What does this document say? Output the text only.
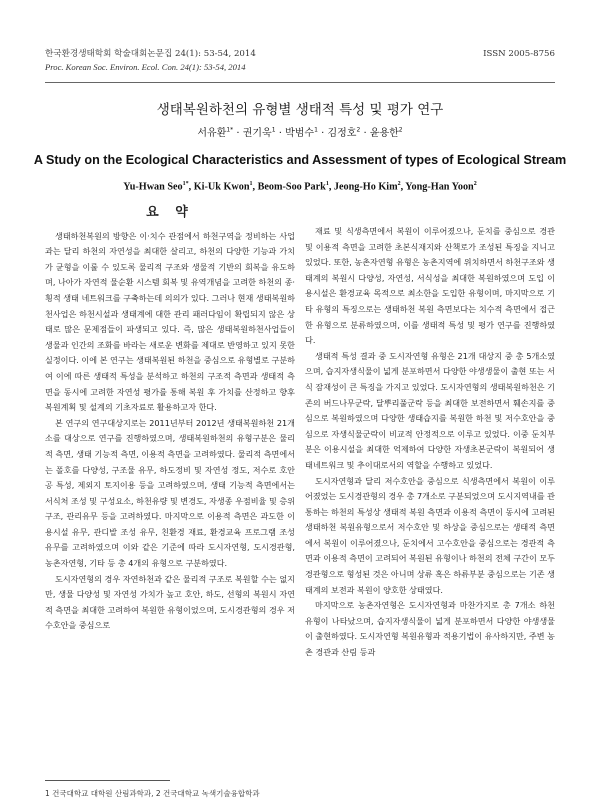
한국환경생태학회 학술대회논문집 24(1): 53-54, 2014	ISSN 2005-8756
Proc. Korean Soc. Environ. Ecol. Con. 24(1): 53-54, 2014
생태복원하천의 유형별 생태적 특성 및 평가 연구
서유환$^{1*}$ · 권기욱$^1$ · 박범수$^1$ · 김정호$^2$ · 윤용한$^2$
A Study on the Ecological Characteristics and Assessment of types of Ecological Stream
Yu-Hwan Seo$^{1*}$, Ki-Uk Kwon$^1$, Beom-Soo Park$^1$, Jeong-Ho Kim$^2$, Yong-Han Yoon$^2$
요 약

생태하천복원의 방향은 이·치수 관점에서 하천구역을 정비하는 사업과는 달리 하천의 자연성을 최대한 살리고, 하천의 다양한 기능과 가치가 균형을 이룰 수 있도록 물리적 구조와 생물적 기반의 회복을 유도하며, 나아가 자연적 물순환 시스템 회복 및 유역개념을 고려한 하천의 종·횡적 생태 네트워크를 구축하는데 의의가 있다. 그러나 현재 생태복원하천사업은 하천시설과 생태계에 대한 관리 패러다임이 확립되지 않은 상태로 많은 문제점들이 파생되고 있다. 즉, 많은 생태복원하천사업들이 생물과 인간의 조화를 바라는 새로운 변화를 제대로 반영하고 있지 못한 실정이다. 이에 본 연구는 생태복원된 하천을 중심으로 유형별로 구분하여 이에 따른 생태적 특성을 분석하고 하천의 구조적 측면과 생태적 측면을 동시에 고려한 자연성 평가를 통해 복원 후 가치를 산정하고 향후 복원계획 및 설계의 기초자료로 활용하고자 한다.

본 연구의 연구대상지로는 2011년부터 2012년 생태복원하천 21개소를 대상으로 연구를 진행하였으며, 생태복원하천의 유형구분은 물리적 측면, 생태 기능적 측면, 이용적 측면을 고려하였다. 물리적 측면에서는 폴호를 다양성, 구조물 유무, 하도정비 및 자연성 정도, 저수로 호안공 특성, 제외지 토지이용 등을 고려하였으며, 생태 기능적 측면에서는 서식처 조성 및 구성요소, 하천유량 및 변경도, 자생종 우점비율 및 층위구조, 관리유무 등을 고려하였다. 마지막으로 이용적 측면은 과도한 이용시설 유무, 관디발 조성 유무, 친환경 재료, 환경교육 프로그램 조성 유무를 고려하였으며 이와 같은 기준에 따라 도시자연형, 도시경관형, 농촌자연형, 기타 등 총 4개의 유형으로 구분하였다.

도시자연형의 경우 자연하천과 같은 물리적 구조로 복원할 수는 없지만, 생물 다양성 및 자연성 가치가 높고 호안, 하도, 선형의 복원시 자연적 측면을 최대한 고려하여 복원한 유형이었으며, 도시경관형의 경우 저수호안을 중심으로

재료 및 식생측면에서 복원이 이루어졌으나, 둔치를 중심으로 경관 및 이용적 측면을 고려한 초본식재지와 산책로가 조성된 특징을 지니고 있었다. 또한, 농촌자연형 유형은 농촌지역에 위치하면서 하천구조와 생태계의 복원시 다양성, 자연성, 서식성을 최대한 복원하였으며 도입 이용시설은 환경교육 목적으로 최소한을 도입한 유형이며, 마지막으로 기타 유형의 특징으로는 생태하천 복원 측면보다는 치수적 측면에서 접근한 유형으로 분류하였으며, 이를 생태적 특성 및 평가 연구를 진행하였다.

생태적 특성 결과 중 도시자연형 유형은 21개 대상지 중 총 5개소였으며, 습지자생식물이 넓게 분포하면서 다양한 야생생물이 출현 또는 서식 잠재성이 큰 특징을 가지고 있었다. 도시자연형의 생태복원하천은 기존의 버드나무군락, 달뿌리풀군락 등을 최대한 보전하면서 훼손지를 중심으로 복원하였으며 다양한 생태습지를 복원한 하천 및 저수호안을 중심으로 자생식물군락이 비교적 안정적으로 이루고 있었다. 이중 둔치부분은 이용시설을 최대한 억제하여 다양한 자생초본군락이 복원되어 생태네트워크 및 추이대로서의 역할을 수행하고 있었다.

도시자연형과 달리 저수호안을 중심으로 식생측면에서 복원이 이루어졌었는 도시경관형의 경우 총 7개소로 구분되었으며 도시지역내를 관통하는 하천의 특성상 생태적 복원 측면과 이용적 측면이 동시에 고려된 생태하천 복원유형으로서 저수호안 및 하상을 중심으로는 생태적 측면에서 복원이 이루어졌으나, 둔치에서 고수호안을 중심으로는 경관적 측면과 이용적 측면이 고려되어 복원된 유형이나 하천의 전체 구간이 모두 경관형으로 형성된 것은 아니며 상류 혹은 하류부분 중심으로는 기존 생태계의 보전과 복원이 양호한 상태였다.

마지막으로 농촌자연형은 도시자연형과 마찬가지로 총 7개소 하천 유형이 나타났으며, 습지자생식물이 넓게 분포하면서 다양한 야생생물이 출현하였다. 도시자연형 복원유형과 적용기법이 유사하지만, 주변 농촌 경관과 산림 등과

1 건국대학교 대학원 산림과학과, 2 건국대학교 녹색기술융합학과
